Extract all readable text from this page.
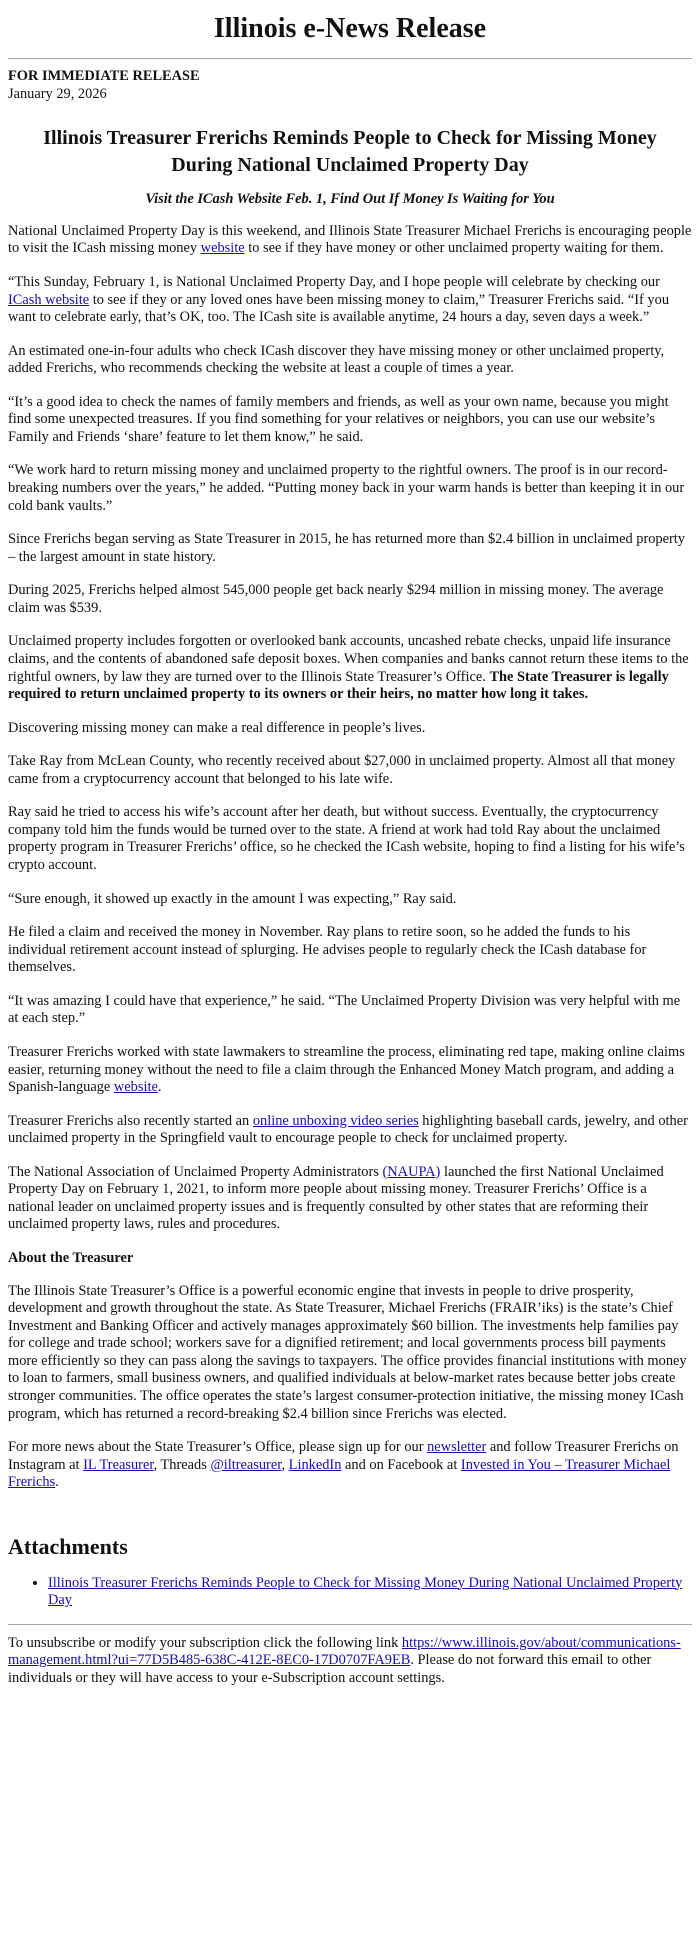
Illinois e-News Release
FOR IMMEDIATE RELEASE
January 29, 2026
Illinois Treasurer Frerichs Reminds People to Check for Missing Money During National Unclaimed Property Day
Visit the ICash Website Feb. 1, Find Out If Money Is Waiting for You

National Unclaimed Property Day is this weekend, and Illinois State Treasurer Michael Frerichs is encouraging people to visit the ICash missing money website to see if they have money or other unclaimed property waiting for them.

“This Sunday, February 1, is National Unclaimed Property Day, and I hope people will celebrate by checking our ICash website to see if they or any loved ones have been missing money to claim,” Treasurer Frerichs said. “If you want to celebrate early, that’s OK, too. The ICash site is available anytime, 24 hours a day, seven days a week.”

An estimated one-in-four adults who check ICash discover they have missing money or other unclaimed property, added Frerichs, who recommends checking the website at least a couple of times a year.

“It’s a good idea to check the names of family members and friends, as well as your own name, because you might find some unexpected treasures. If you find something for your relatives or neighbors, you can use our website’s Family and Friends ‘share’ feature to let them know,” he said.

“We work hard to return missing money and unclaimed property to the rightful owners. The proof is in our record-breaking numbers over the years,” he added. “Putting money back in your warm hands is better than keeping it in our cold bank vaults.”

Since Frerichs began serving as State Treasurer in 2015, he has returned more than $2.4 billion in unclaimed property – the largest amount in state history.

During 2025, Frerichs helped almost 545,000 people get back nearly $294 million in missing money. The average claim was $539.

Unclaimed property includes forgotten or overlooked bank accounts, uncashed rebate checks, unpaid life insurance claims, and the contents of abandoned safe deposit boxes. When companies and banks cannot return these items to the rightful owners, by law they are turned over to the Illinois State Treasurer’s Office. The State Treasurer is legally required to return unclaimed property to its owners or their heirs, no matter how long it takes.

Discovering missing money can make a real difference in people’s lives.

Take Ray from McLean County, who recently received about $27,000 in unclaimed property. Almost all that money came from a cryptocurrency account that belonged to his late wife.

Ray said he tried to access his wife’s account after her death, but without success. Eventually, the cryptocurrency company told him the funds would be turned over to the state. A friend at work had told Ray about the unclaimed property program in Treasurer Frerichs’ office, so he checked the ICash website, hoping to find a listing for his wife’s crypto account.

“Sure enough, it showed up exactly in the amount I was expecting,” Ray said.

He filed a claim and received the money in November. Ray plans to retire soon, so he added the funds to his individual retirement account instead of splurging. He advises people to regularly check the ICash database for themselves.

“It was amazing I could have that experience,” he said. “The Unclaimed Property Division was very helpful with me at each step.”

Treasurer Frerichs worked with state lawmakers to streamline the process, eliminating red tape, making online claims easier, returning money without the need to file a claim through the Enhanced Money Match program, and adding a Spanish-language website.

Treasurer Frerichs also recently started an online unboxing video series highlighting baseball cards, jewelry, and other unclaimed property in the Springfield vault to encourage people to check for unclaimed property.

The National Association of Unclaimed Property Administrators (NAUPA) launched the first National Unclaimed Property Day on February 1, 2021, to inform more people about missing money. Treasurer Frerichs’ Office is a national leader on unclaimed property issues and is frequently consulted by other states that are reforming their unclaimed property laws, rules and procedures.

About the Treasurer

The Illinois State Treasurer’s Office is a powerful economic engine that invests in people to drive prosperity, development and growth throughout the state. As State Treasurer, Michael Frerichs (FRAIR’iks) is the state’s Chief Investment and Banking Officer and actively manages approximately $60 billion. The investments help families pay for college and trade school; workers save for a dignified retirement; and local governments process bill payments more efficiently so they can pass along the savings to taxpayers. The office provides financial institutions with money to loan to farmers, small business owners, and qualified individuals at below-market rates because better jobs create stronger communities. The office operates the state’s largest consumer-protection initiative, the missing money ICash program, which has returned a record-breaking $2.4 billion since Frerichs was elected.

For more news about the State Treasurer’s Office, please sign up for our newsletter and follow Treasurer Frerichs on Instagram at IL Treasurer, Threads @iltreasurer, LinkedIn and on Facebook at Invested in You – Treasurer Michael Frerichs.

Attachments
• Illinois Treasurer Frerichs Reminds People to Check for Missing Money During National Unclaimed Property Day
To unsubscribe or modify your subscription click the following link https://www.illinois.gov/about/communications-management.html?ui=77D5B485-638C-412E-8EC0-17D0707FA9EB. Please do not forward this email to other individuals or they will have access to your e-Subscription account settings.
